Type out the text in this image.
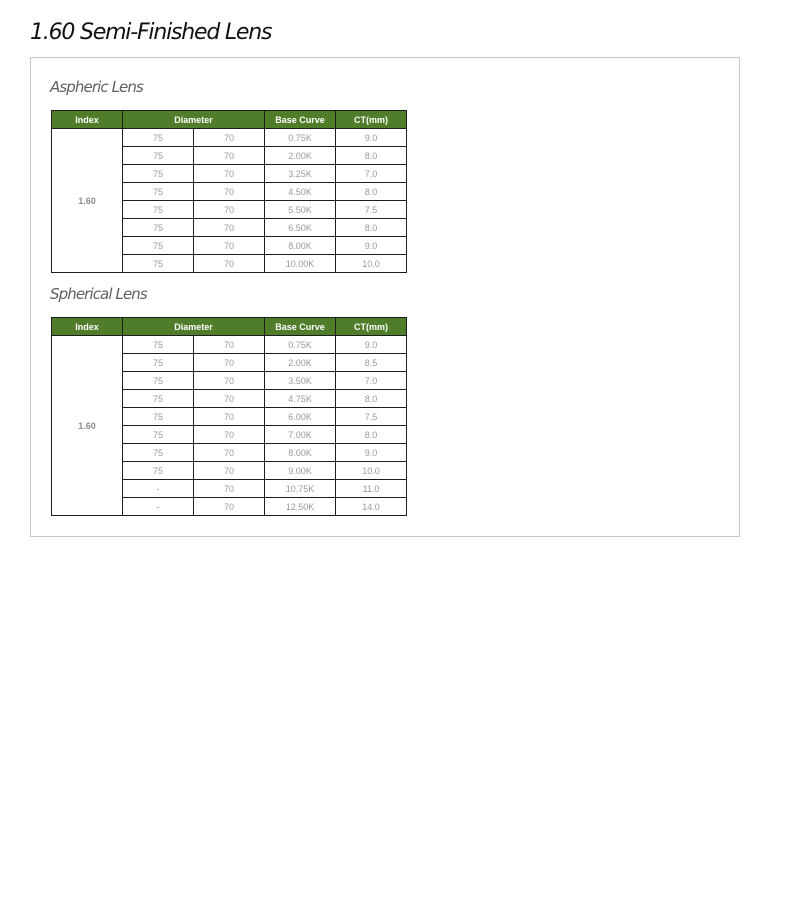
1.60 Semi-Finished Lens
Aspheric Lens
Index	Diameter		Base Curve	CT(mm)
1.60	75	70	0.75K	9.0
	75	70	2.00K	8.0
	75	70	3.25K	7.0
	75	70	4.50K	8.0
	75	70	5.50K	7.5
	75	70	6.50K	8.0
	75	70	8.00K	9.0
	75	70	10.00K	10.0
Spherical Lens
Index	Diameter		Base Curve	CT(mm)
1.60	75	70	0.75K	9.0
	75	70	2.00K	8.5
	75	70	3.50K	7.0
	75	70	4.75K	8.0
	75	70	6.00K	7.5
	75	70	7.00K	8.0
	75	70	8.00K	9.0
	75	70	9.00K	10.0
	-	70	10.75K	11.0
	-	70	12.50K	14.0
